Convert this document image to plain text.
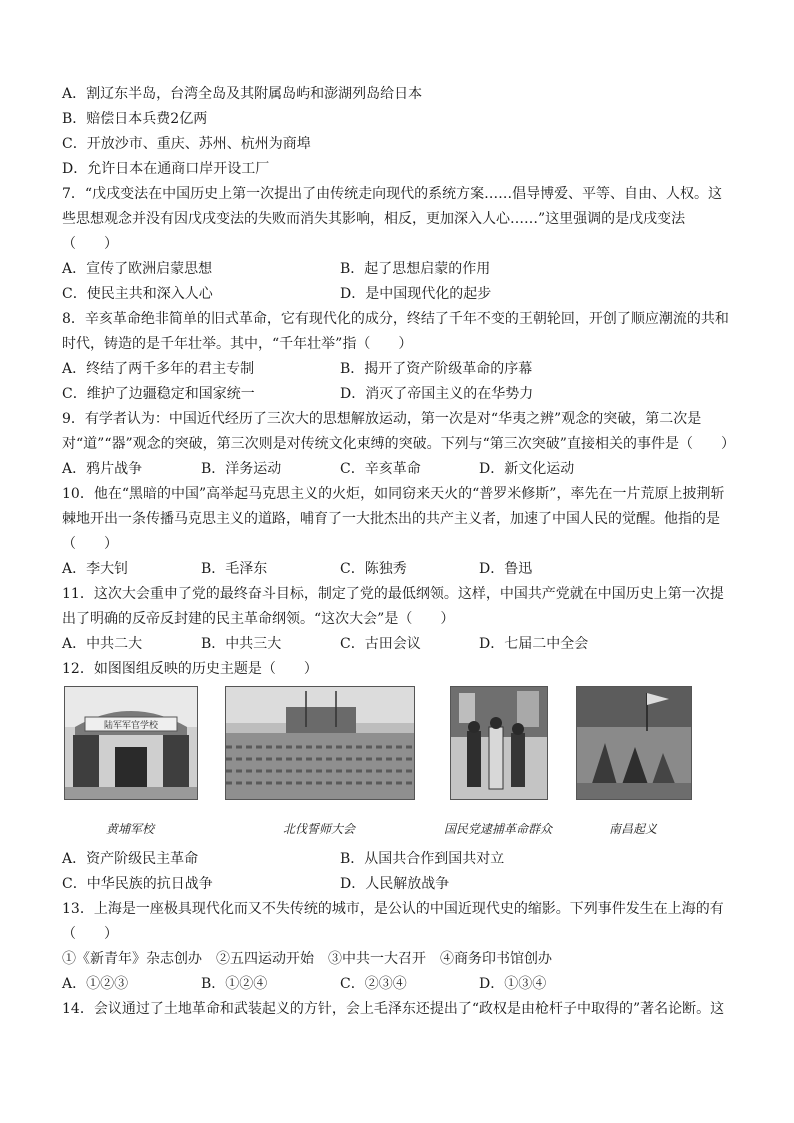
A．割辽东半岛，台湾全岛及其附属岛屿和澎湖列岛给日本
B．赔偿日本兵费2亿两
C．开放沙市、重庆、苏州、杭州为商埠
D．允许日本在通商口岸开设工厂
7．“戊戌变法在中国历史上第一次提出了由传统走向现代的系统方案……倡导博爱、平等、自由、人权。这些思想观念并没有因戊戌变法的失败而消失其影响，相反，更加深入人心……”这里强调的是戊戌变法（　　）
A．宣传了欧洲启蒙思想	B．起了思想启蒙的作用
C．使民主共和深入人心	D．是中国现代化的起步
8．辛亥革命绝非简单的旧式革命，它有现代化的成分，终结了千年不变的王朝轮回，开创了顺应潮流的共和时代，铸造的是千年壮举。其中，“千年壮举”指（　　）
A．终结了两千多年的君主专制	B．揭开了资产阶级革命的序幕
C．维护了边疆稳定和国家统一	D．消灭了帝国主义的在华势力
9．有学者认为：中国近代经历了三次大的思想解放运动，第一次是对“华夷之辨”观念的突破，第二次是对“道”“器”观念的突破，第三次则是对传统文化束缚的突破。下列与“第三次突破”直接相关的事件是（　　）
A．鸦片战争	B．洋务运动	C．辛亥革命	D．新文化运动
10．他在“黑暗的中国”高举起马克思主义的火炬，如同窃来天火的“普罗米修斯”，率先在一片荒原上披荆斩棘地开出一条传播马克思主义的道路，哺育了一大批杰出的共产主义者，加速了中国人民的觉醒。他指的是（　　）
A．李大钊	B．毛泽东	C．陈独秀	D．鲁迅
11．这次大会重申了党的最终奋斗目标，制定了党的最低纲领。这样，中国共产党就在中国历史上第一次提出了明确的反帝反封建的民主革命纲领。“这次大会”是（　　）
A．中共二大	B．中共三大	C．古田会议	D．七届二中全会
12．如图图组反映的历史主题是（　　）
陆军军官学校
黄埔军校	北伐誓师大会	国民党逮捕革命群众	南昌起义
A．资产阶级民主革命	B．从国共合作到国共对立
C．中华民族的抗日战争	D．人民解放战争
13．上海是一座极具现代化而又不失传统的城市，是公认的中国近现代史的缩影。下列事件发生在上海的有（　　）
①《新青年》杂志创办　②五四运动开始　③中共一大召开　④商务印书馆创办
A．①②③	B．①②④	C．②③④	D．①③④
14．会议通过了土地革命和武装起义的方针，会上毛泽东还提出了“政权是由枪杆子中取得的”著名论断。这
